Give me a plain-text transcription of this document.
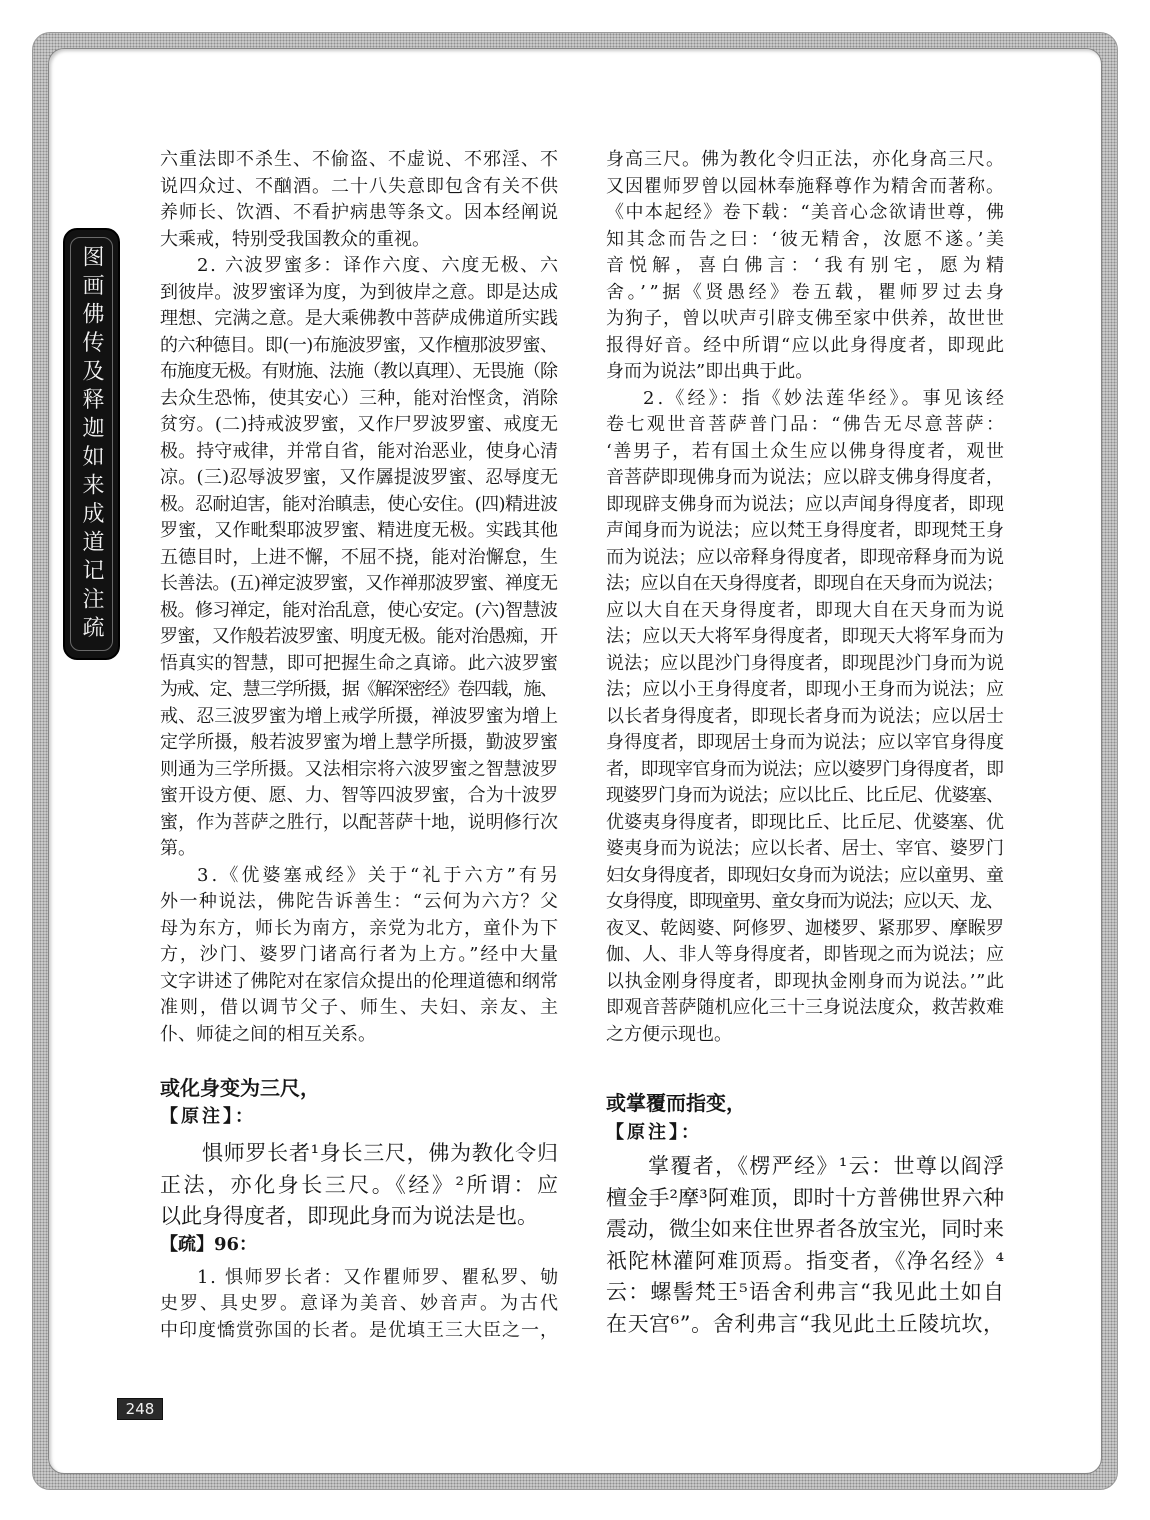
图画佛传及释迦如来成道记注疏
六重法即不杀生、不偷盗、不虚说、不邪淫、不
说四众过、不酗酒。二十八失意即包含有关不供
养师长、饮酒、不看护病患等条文。因本经阐说
大乘戒，特别受我国教众的重视。
2. 六波罗蜜多：译作六度、六度无极、六
到彼岸。波罗蜜译为度，为到彼岸之意。即是达成
理想、完满之意。是大乘佛教中菩萨成佛道所实践
的六种德目。即(一)布施波罗蜜，又作檀那波罗蜜、
布施度无极。有财施、法施（教以真理）、无畏施（除
去众生恐怖，使其安心）三种，能对治悭贪，消除
贫穷。(二)持戒波罗蜜，又作尸罗波罗蜜、戒度无
极。持守戒律，并常自省，能对治恶业，使身心清
凉。(三)忍辱波罗蜜，又作羼提波罗蜜、忍辱度无
极。忍耐迫害，能对治瞋恚，使心安住。(四)精进波
罗蜜，又作毗梨耶波罗蜜、精进度无极。实践其他
五德目时，上进不懈，不屈不挠，能对治懈怠，生
长善法。(五)禅定波罗蜜，又作禅那波罗蜜、禅度无
极。修习禅定，能对治乱意，使心安定。(六)智慧波
罗蜜，又作般若波罗蜜、明度无极。能对治愚痴，开
悟真实的智慧，即可把握生命之真谛。此六波罗蜜
为戒、定、慧三学所摄，据《解深密经》卷四载，施、
戒、忍三波罗蜜为增上戒学所摄，禅波罗蜜为增上
定学所摄，般若波罗蜜为增上慧学所摄，勤波罗蜜
则通为三学所摄。又法相宗将六波罗蜜之智慧波罗
蜜开设方便、愿、力、智等四波罗蜜，合为十波罗
蜜，作为菩萨之胜行，以配菩萨十地，说明修行次
第。
3.《优婆塞戒经》关于“礼于六方”有另
外一种说法，佛陀告诉善生：“云何为六方？父
母为东方，师长为南方，亲党为北方，童仆为下
方，沙门、婆罗门诸高行者为上方。”经中大量
文字讲述了佛陀对在家信众提出的伦理道德和纲常
准则，借以调节父子、师生、夫妇、亲友、主
仆、师徒之间的相互关系。
或化身变为三尺，
【原注】：
惧师罗长者¹身长三尺，佛为教化令归
正法，亦化身长三尺。《经》²所谓：应
以此身得度者，即现此身而为说法是也。
【疏】96：
1. 惧师罗长者：又作瞿师罗、瞿私罗、劬
史罗、具史罗。意译为美音、妙音声。为古代
中印度憍赏弥国的长者。是优填王三大臣之一，
身高三尺。佛为教化令归正法，亦化身高三尺。
又因瞿师罗曾以园林奉施释尊作为精舍而著称。
《中本起经》卷下载：“美音心念欲请世尊，佛
知其念而告之曰：‘彼无精舍，汝愿不遂。’美
音悦解，喜白佛言：‘我有别宅，愿为精
舍。’”据《贤愚经》卷五载，瞿师罗过去身
为狗子，曾以吠声引辟支佛至家中供养，故世世
报得好音。经中所谓“应以此身得度者，即现此
身而为说法”即出典于此。
2.《经》：指《妙法莲华经》。事见该经
卷七观世音菩萨普门品：“佛告无尽意菩萨：
‘善男子，若有国土众生应以佛身得度者，观世
音菩萨即现佛身而为说法；应以辟支佛身得度者，
即现辟支佛身而为说法；应以声闻身得度者，即现
声闻身而为说法；应以梵王身得度者，即现梵王身
而为说法；应以帝释身得度者，即现帝释身而为说
法；应以自在天身得度者，即现自在天身而为说法；
应以大自在天身得度者，即现大自在天身而为说
法；应以天大将军身得度者，即现天大将军身而为
说法；应以毘沙门身得度者，即现毘沙门身而为说
法；应以小王身得度者，即现小王身而为说法；应
以长者身得度者，即现长者身而为说法；应以居士
身得度者，即现居士身而为说法；应以宰官身得度
者，即现宰官身而为说法；应以婆罗门身得度者，即
现婆罗门身而为说法；应以比丘、比丘尼、优婆塞、
优婆夷身得度者，即现比丘、比丘尼、优婆塞、优
婆夷身而为说法；应以长者、居士、宰官、婆罗门
妇女身得度者，即现妇女身而为说法；应以童男、童
女身得度，即现童男、童女身而为说法；应以天、龙、
夜叉、乾闼婆、阿修罗、迦楼罗、紧那罗、摩睺罗
伽、人、非人等身得度者，即皆现之而为说法；应
以执金刚身得度者，即现执金刚身而为说法。’”此
即观音菩萨随机应化三十三身说法度众，救苦救难
之方便示现也。
或掌覆而指变，
【原注】：
掌覆者，《楞严经》¹云：世尊以阎浮
檀金手²摩³阿难顶，即时十方普佛世界六种
震动，微尘如来住世界者各放宝光，同时来
祇陀林灌阿难顶焉。指变者，《净名经》⁴
云：螺髻梵王⁵语舍利弗言“我见此土如自
在天宫⁶”。舍利弗言“我见此土丘陵坑坎，
248
